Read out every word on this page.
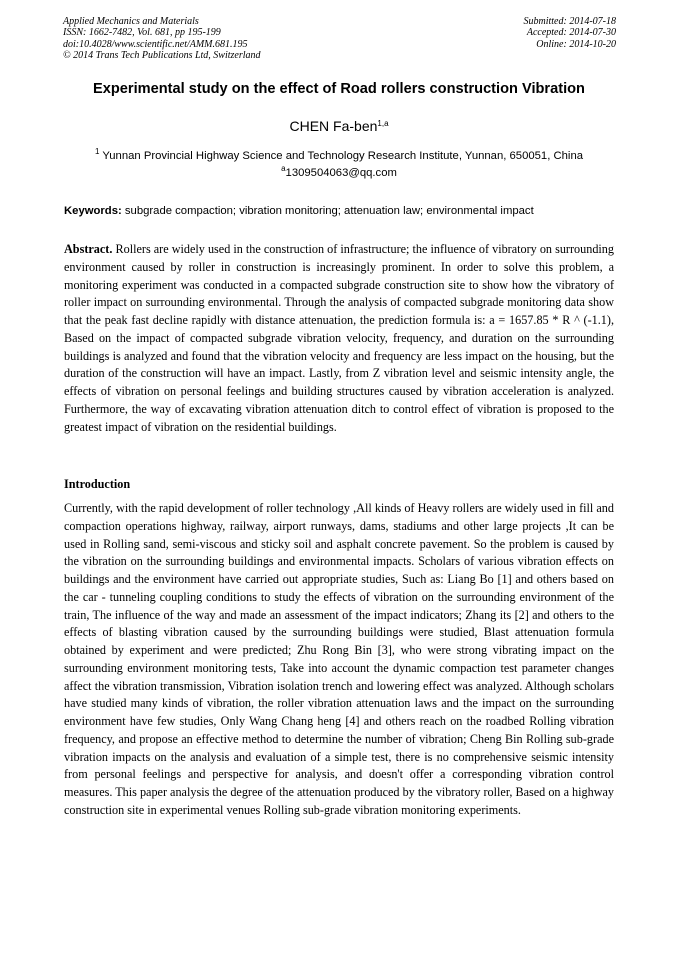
Applied Mechanics and Materials
ISSN: 1662-7482, Vol. 681, pp 195-199
doi:10.4028/www.scientific.net/AMM.681.195
© 2014 Trans Tech Publications Ltd, Switzerland
Submitted: 2014-07-18
Accepted: 2014-07-30
Online: 2014-10-20
Experimental study on the effect of Road rollers construction Vibration
CHEN Fa-ben$^{1,a}$
$^1$ Yunnan Provincial Highway Science and Technology Research Institute, Yunnan, 650051, China
$^a$1309504063@qq.com
Keywords: subgrade compaction; vibration monitoring; attenuation law; environmental impact

Abstract. Rollers are widely used in the construction of infrastructure; the influence of vibratory on surrounding environment caused by roller in construction is increasingly prominent. In order to solve this problem, a monitoring experiment was conducted in a compacted subgrade construction site to show how the vibratory of roller impact on surrounding environmental. Through the analysis of compacted subgrade monitoring data show that the peak fast decline rapidly with distance attenuation, the prediction formula is: a = 1657.85 * R ^ (-1.1), Based on the impact of compacted subgrade vibration velocity, frequency, and duration on the surrounding buildings is analyzed and found that the vibration velocity and frequency are less impact on the housing, but the duration of the construction will have an impact. Lastly, from Z vibration level and seismic intensity angle, the effects of vibration on personal feelings and building structures caused by vibration acceleration is analyzed. Furthermore, the way of excavating vibration attenuation ditch to control effect of vibration is proposed to the greatest impact of vibration on the residential buildings.

Introduction

Currently, with the rapid development of roller technology ,All kinds of Heavy rollers are widely used in fill and compaction operations highway, railway, airport runways, dams, stadiums and other large projects ,It can be used in Rolling sand, semi-viscous and sticky soil and asphalt concrete pavement. So the problem is caused by the vibration on the surrounding buildings and environmental impacts. Scholars of various vibration effects on buildings and the environment have carried out appropriate studies, Such as: Liang Bo [1] and others based on the car - tunneling coupling conditions to study the effects of vibration on the surrounding environment of the train, The influence of the way and made an assessment of the impact indicators; Zhang its [2] and others to the effects of blasting vibration caused by the surrounding buildings were studied, Blast attenuation formula obtained by experiment and were predicted; Zhu Rong Bin [3], who were strong vibrating impact on the surrounding environment monitoring tests, Take into account the dynamic compaction test parameter changes affect the vibration transmission, Vibration isolation trench and lowering effect was analyzed. Although scholars have studied many kinds of vibration, the roller vibration attenuation laws and the impact on the surrounding environment have few studies, Only Wang Chang heng [4] and others reach on the roadbed Rolling vibration frequency, and propose an effective method to determine the number of vibration; Cheng Bin Rolling sub-grade vibration impacts on the analysis and evaluation of a simple test, there is no comprehensive seismic intensity from personal feelings and perspective for analysis, and doesn't offer a corresponding vibration control measures. This paper analysis the degree of the attenuation produced by the vibratory roller, Based on a highway construction site in experimental venues Rolling sub-grade vibration monitoring experiments.
